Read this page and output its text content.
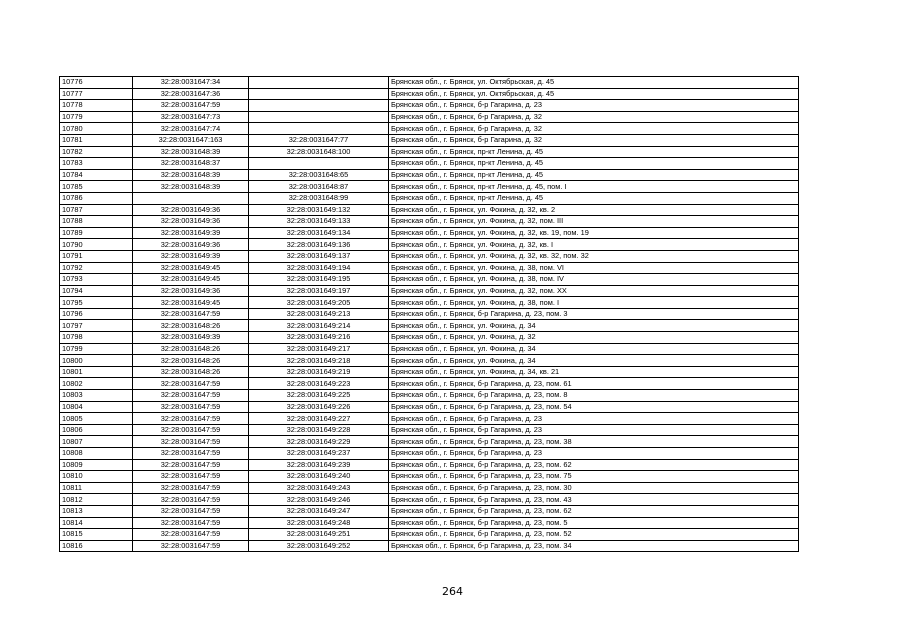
10776	32:28:0031647:34		Брянская обл., г. Брянск, ул. Октябрьская, д. 45
10777	32:28:0031647:36		Брянская обл., г. Брянск, ул. Октябрьская, д. 45
10778	32:28:0031647:59		Брянская обл., г. Брянск, б-р Гагарина, д. 23
10779	32:28:0031647:73		Брянская обл., г. Брянск, б-р Гагарина, д. 32
10780	32:28:0031647:74		Брянская обл., г. Брянск, б-р Гагарина, д. 32
10781	32:28:0031647:163	32:28:0031647:77	Брянская обл., г. Брянск, б-р Гагарина, д. 32
10782	32:28:0031648:39	32:28:0031648:100	Брянская обл., г. Брянск, пр-кт Ленина, д. 45
10783	32:28:0031648:37		Брянская обл., г. Брянск, пр-кт Ленина, д. 45
10784	32:28:0031648:39	32:28:0031648:65	Брянская обл., г. Брянск, пр-кт Ленина, д. 45
10785	32:28:0031648:39	32:28:0031648:87	Брянская обл., г. Брянск, пр-кт Ленина, д. 45, пом. I
10786		32:28:0031648:99	Брянская обл., г. Брянск, пр-кт Ленина, д. 45
10787	32:28:0031649:36	32:28:0031649:132	Брянская обл., г. Брянск, ул. Фокина, д. 32, кв. 2
10788	32:28:0031649:36	32:28:0031649:133	Брянская обл., г. Брянск, ул. Фокина, д. 32, пом. III
10789	32:28:0031649:39	32:28:0031649:134	Брянская обл., г. Брянск, ул. Фокина, д. 32, кв. 19, пом. 19
10790	32:28:0031649:36	32:28:0031649:136	Брянская обл., г. Брянск, ул. Фокина, д. 32, кв. I
10791	32:28:0031649:39	32:28:0031649:137	Брянская обл., г. Брянск, ул. Фокина, д. 32, кв. 32, пом. 32
10792	32:28:0031649:45	32:28:0031649:194	Брянская обл., г. Брянск, ул. Фокина, д. 38, пом. VI
10793	32:28:0031649:45	32:28:0031649:195	Брянская обл., г. Брянск, ул. Фокина, д. 38, пом. IV
10794	32:28:0031649:36	32:28:0031649:197	Брянская обл., г. Брянск, ул. Фокина, д. 32, пом. XX
10795	32:28:0031649:45	32:28:0031649:205	Брянская обл., г. Брянск, ул. Фокина, д. 38, пом. I
10796	32:28:0031647:59	32:28:0031649:213	Брянская обл., г. Брянск, б-р Гагарина, д. 23, пом. 3
10797	32:28:0031648:26	32:28:0031649:214	Брянская обл., г. Брянск, ул. Фокина, д. 34
10798	32:28:0031649:39	32:28:0031649:216	Брянская обл., г. Брянск, ул. Фокина, д. 32
10799	32:28:0031648:26	32:28:0031649:217	Брянская обл., г. Брянск, ул. Фокина, д. 34
10800	32:28:0031648:26	32:28:0031649:218	Брянская обл., г. Брянск, ул. Фокина, д. 34
10801	32:28:0031648:26	32:28:0031649:219	Брянская обл., г. Брянск, ул. Фокина, д. 34, кв. 21
10802	32:28:0031647:59	32:28:0031649:223	Брянская обл., г. Брянск, б-р Гагарина, д. 23, пом. 61
10803	32:28:0031647:59	32:28:0031649:225	Брянская обл., г. Брянск, б-р Гагарина, д. 23, пом. 8
10804	32:28:0031647:59	32:28:0031649:226	Брянская обл., г. Брянск, б-р Гагарина, д. 23, пом. 54
10805	32:28:0031647:59	32:28:0031649:227	Брянская обл., г. Брянск, б-р Гагарина, д. 23
10806	32:28:0031647:59	32:28:0031649:228	Брянская обл., г. Брянск, б-р Гагарина, д. 23
10807	32:28:0031647:59	32:28:0031649:229	Брянская обл., г. Брянск, б-р Гагарина, д. 23, пом. 38
10808	32:28:0031647:59	32:28:0031649:237	Брянская обл., г. Брянск, б-р Гагарина, д. 23
10809	32:28:0031647:59	32:28:0031649:239	Брянская обл., г. Брянск, б-р Гагарина, д. 23, пом. 62
10810	32:28:0031647:59	32:28:0031649:240	Брянская обл., г. Брянск, б-р Гагарина, д. 23, пом. 75
10811	32:28:0031647:59	32:28:0031649:243	Брянская обл., г. Брянск, б-р Гагарина, д. 23, пом. 30
10812	32:28:0031647:59	32:28:0031649:246	Брянская обл., г. Брянск, б-р Гагарина, д. 23, пом. 43
10813	32:28:0031647:59	32:28:0031649:247	Брянская обл., г. Брянск, б-р Гагарина, д. 23, пом. 62
10814	32:28:0031647:59	32:28:0031649:248	Брянская обл., г. Брянск, б-р Гагарина, д. 23, пом. 5
10815	32:28:0031647:59	32:28:0031649:251	Брянская обл., г. Брянск, б-р Гагарина, д. 23, пом. 52
10816	32:28:0031647:59	32:28:0031649:252	Брянская обл., г. Брянск, б-р Гагарина, д. 23, пом. 34
264
